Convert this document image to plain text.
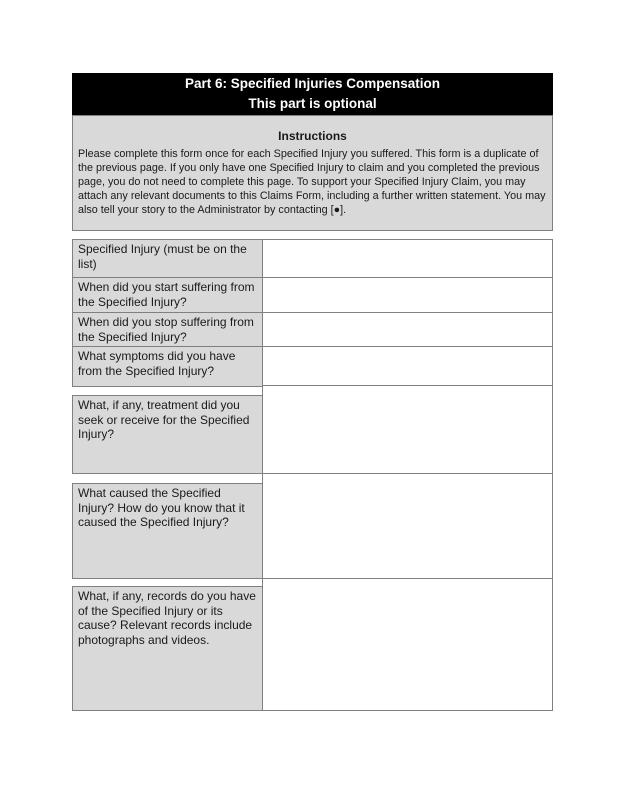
Part 6: Specified Injuries Compensation
This part is optional
Instructions
Please complete this form once for each Specified Injury you suffered. This form is a duplicate of the previous page. If you only have one Specified Injury to claim and you completed the previous page, you do not need to complete this page. To support your Specified Injury Claim, you may attach any relevant documents to this Claims Form, including a further written statement. You may also tell your story to the Administrator by contacting [●].
Specified Injury (must be on the list)
When did you start suffering from the Specified Injury?
When did you stop suffering from the Specified Injury?
What symptoms did you have from the Specified Injury?
What, if any, treatment did you seek or receive for the Specified Injury?
What caused the Specified Injury? How do you know that it caused the Specified Injury?
What, if any, records do you have of the Specified Injury or its cause? Relevant records include photographs and videos.
